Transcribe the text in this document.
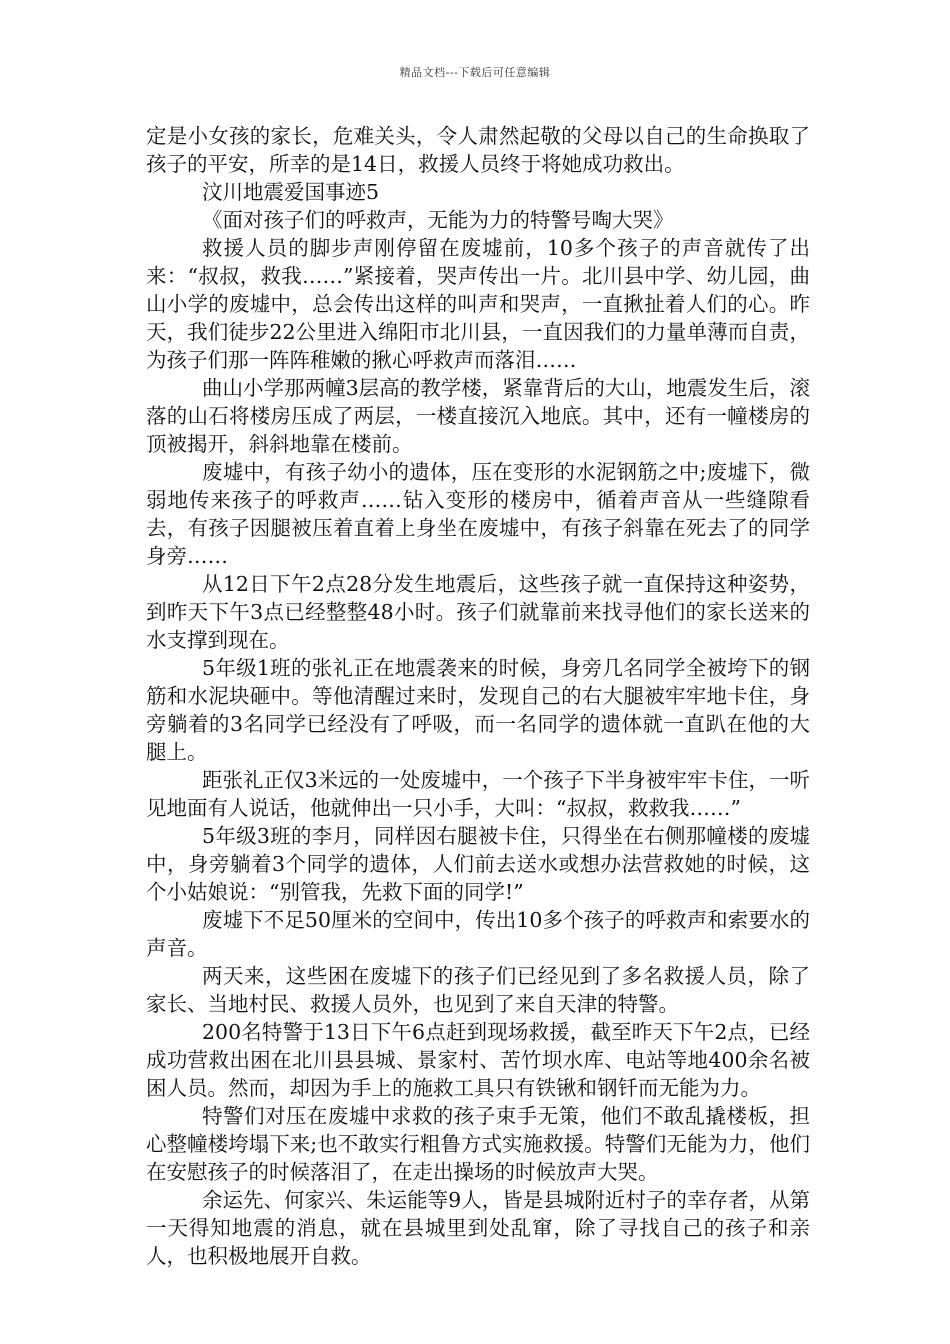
精品文档---下载后可任意编辑

定是小女孩的家长，危难关头，令人肃然起敬的父母以自己的生命换取了孩子的平安，所幸的是14日，救援人员终于将她成功救出。

汶川地震爱国事迹5

《面对孩子们的呼救声，无能为力的特警号啕大哭》

救援人员的脚步声刚停留在废墟前，10多个孩子的声音就传了出来：“叔叔，救我……”紧接着，哭声传出一片。北川县中学、幼儿园，曲山小学的废墟中，总会传出这样的叫声和哭声，一直揪扯着人们的心。昨天，我们徒步22公里进入绵阳市北川县，一直因我们的力量单薄而自责，为孩子们那一阵阵稚嫩的揪心呼救声而落泪……

曲山小学那两幢3层高的教学楼，紧靠背后的大山，地震发生后，滚落的山石将楼房压成了两层，一楼直接沉入地底。其中，还有一幢楼房的顶被揭开，斜斜地靠在楼前。

废墟中，有孩子幼小的遗体，压在变形的水泥钢筋之中;废墟下，微弱地传来孩子的呼救声……钻入变形的楼房中，循着声音从一些缝隙看去，有孩子因腿被压着直着上身坐在废墟中，有孩子斜靠在死去了的同学身旁……

从12日下午2点28分发生地震后，这些孩子就一直保持这种姿势，到昨天下午3点已经整整48小时。孩子们就靠前来找寻他们的家长送来的水支撑到现在。

5年级1班的张礼正在地震袭来的时候，身旁几名同学全被垮下的钢筋和水泥块砸中。等他清醒过来时，发现自己的右大腿被牢牢地卡住，身旁躺着的3名同学已经没有了呼吸，而一名同学的遗体就一直趴在他的大腿上。

距张礼正仅3米远的一处废墟中，一个孩子下半身被牢牢卡住，一听见地面有人说话，他就伸出一只小手，大叫：“叔叔，救救我……”

5年级3班的李月，同样因右腿被卡住，只得坐在右侧那幢楼的废墟中，身旁躺着3个同学的遗体，人们前去送水或想办法营救她的时候，这个小姑娘说：“别管我，先救下面的同学!”

废墟下不足50厘米的空间中，传出10多个孩子的呼救声和索要水的声音。

两天来，这些困在废墟下的孩子们已经见到了多名救援人员，除了家长、当地村民、救援人员外，也见到了来自天津的特警。

200名特警于13日下午6点赶到现场救援，截至昨天下午2点，已经成功营救出困在北川县县城、景家村、苦竹坝水库、电站等地400余名被困人员。然而，却因为手上的施救工具只有铁锹和钢钎而无能为力。

特警们对压在废墟中求救的孩子束手无策，他们不敢乱撬楼板，担心整幢楼垮塌下来;也不敢实行粗鲁方式实施救援。特警们无能为力，他们在安慰孩子的时候落泪了，在走出操场的时候放声大哭。

余运先、何家兴、朱运能等9人，皆是县城附近村子的幸存者，从第一天得知地震的消息，就在县城里到处乱窜，除了寻找自己的孩子和亲人，也积极地展开自救。
